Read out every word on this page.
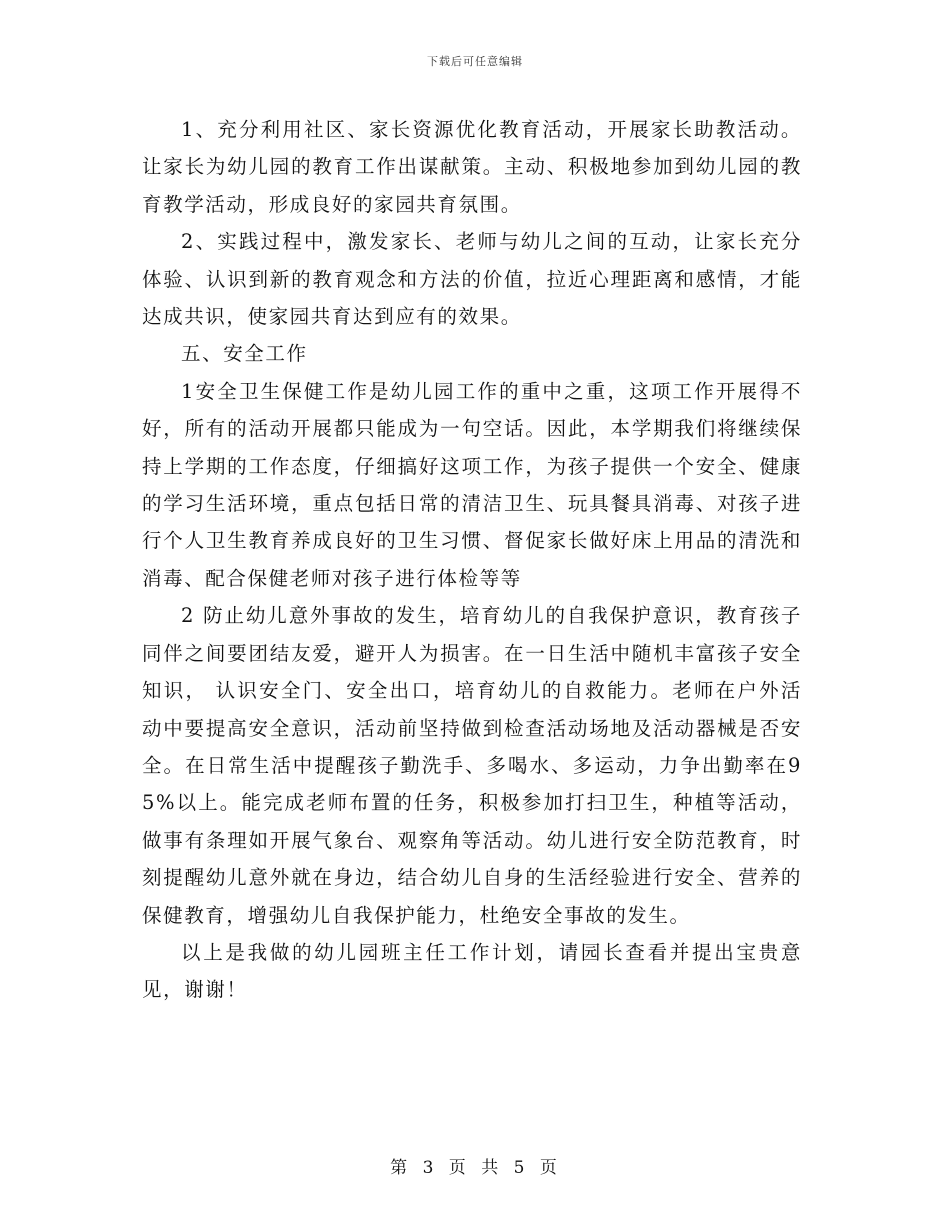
下载后可任意编辑

1、充分利用社区、家长资源优化教育活动，开展家长助教活动。让家长为幼儿园的教育工作出谋献策。主动、积极地参加到幼儿园的教育教学活动，形成良好的家园共育氛围。

2、实践过程中，激发家长、老师与幼儿之间的互动，让家长充分体验、认识到新的教育观念和方法的价值，拉近心理距离和感情，才能达成共识，使家园共育达到应有的效果。

五、安全工作

1安全卫生保健工作是幼儿园工作的重中之重，这项工作开展得不好，所有的活动开展都只能成为一句空话。因此，本学期我们将继续保持上学期的工作态度，仔细搞好这项工作，为孩子提供一个安全、健康的学习生活环境，重点包括日常的清洁卫生、玩具餐具消毒、对孩子进行个人卫生教育养成良好的卫生习惯、督促家长做好床上用品的清洗和消毒、配合保健老师对孩子进行体检等等

2 防止幼儿意外事故的发生，培育幼儿的自我保护意识，教育孩子同伴之间要团结友爱，避开人为损害。在一日生活中随机丰富孩子安全知识， 认识安全门、安全出口，培育幼儿的自救能力。老师在户外活动中要提高安全意识，活动前坚持做到检查活动场地及活动器械是否安全。在日常生活中提醒孩子勤洗手、多喝水、多运动，力争出勤率在95%以上。能完成老师布置的任务，积极参加打扫卫生，种植等活动，做事有条理如开展气象台、观察角等活动。幼儿进行安全防范教育，时刻提醒幼儿意外就在身边，结合幼儿自身的生活经验进行安全、营养的保健教育，增强幼儿自我保护能力，杜绝安全事故的发生。

以上是我做的幼儿园班主任工作计划，请园长查看并提出宝贵意见，谢谢！

第 3 页 共 5 页
